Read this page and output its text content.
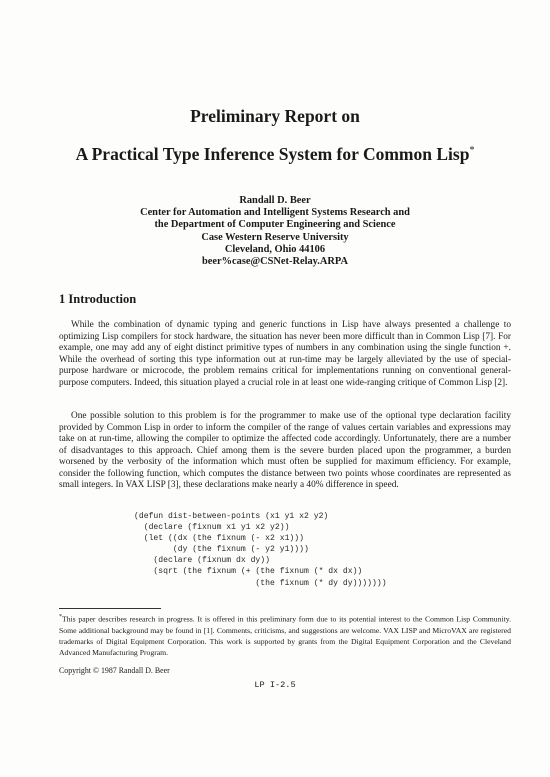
Preliminary Report on
A Practical Type Inference System for Common Lisp*
Randall D. Beer
Center for Automation and Intelligent Systems Research and
the Department of Computer Engineering and Science
Case Western Reserve University
Cleveland, Ohio 44106
beer%case@CSNet-Relay.ARPA
1 Introduction
While the combination of dynamic typing and generic functions in Lisp have always presented a challenge to optimizing Lisp compilers for stock hardware, the situation has never been more difficult than in Common Lisp [7]. For example, one may add any of eight distinct primitive types of numbers in any combination using the single function +. While the overhead of sorting this type information out at run-time may be largely alleviated by the use of special-purpose hardware or microcode, the problem remains critical for implementations running on conventional general-purpose computers. Indeed, this situation played a crucial role in at least one wide-ranging critique of Common Lisp [2].
One possible solution to this problem is for the programmer to make use of the optional type declaration facility provided by Common Lisp in order to inform the compiler of the range of values certain variables and expressions may take on at run-time, allowing the compiler to optimize the affected code accordingly. Unfortunately, there are a number of disadvantages to this approach. Chief among them is the severe burden placed upon the programmer, a burden worsened by the verbosity of the information which must often be supplied for maximum efficiency. For example, consider the following function, which computes the distance between two points whose coordinates are represented as small integers. In VAX LISP [3], these declarations make nearly a 40% difference in speed.
(defun dist-between-points (x1 y1 x2 y2)
(declare (fixnum x1 y1 x2 y2))
(let ((dx (the fixnum (- x2 x1)))
(dy (the fixnum (- y2 y1))))
(declare (fixnum dx dy))
(sqrt (the fixnum (+ (the fixnum (* dx dx))
(the fixnum (* dy dy)))))))
*This paper describes research in progress. It is offered in this preliminary form due to its potential interest to the Common Lisp Community. Some additional background may be found in [1]. Comments, criticisms, and suggestions are welcome. VAX LISP and MicroVAX are registered trademarks of Digital Equipment Corporation. This work is supported by grants from the Digital Equipment Corporation and the Cleveland Advanced Manufacturing Program.
Copyright © 1987 Randall D. Beer
LP I-2.5
